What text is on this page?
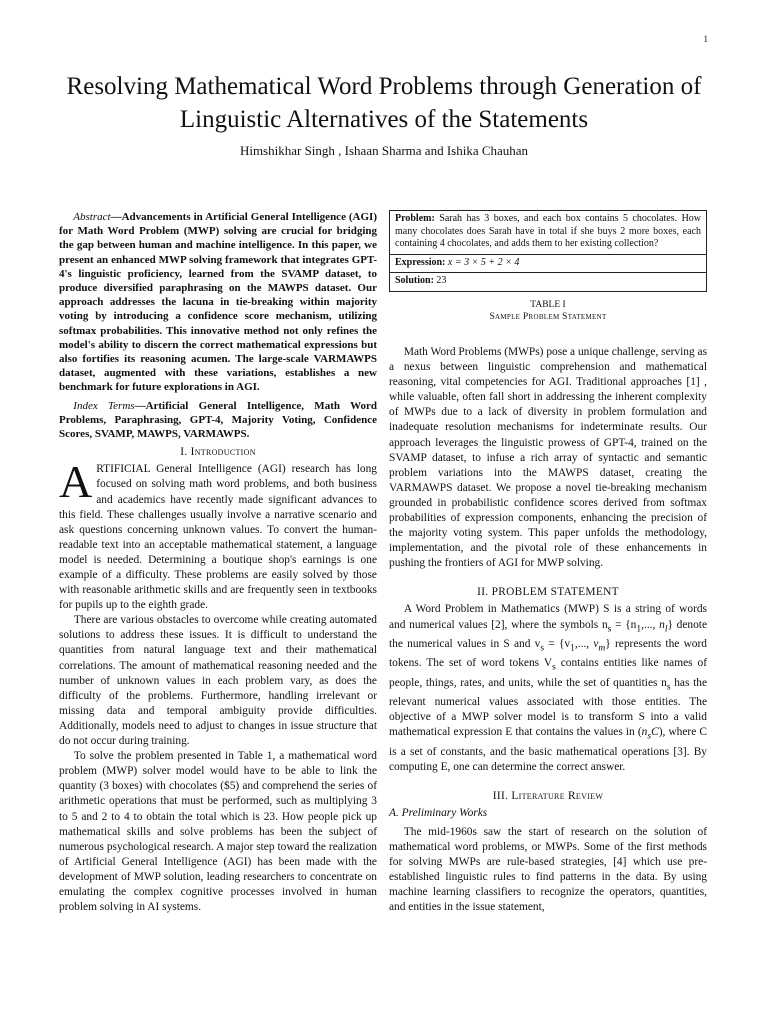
1
Resolving Mathematical Word Problems through Generation of Linguistic Alternatives of the Statements
Himshikhar Singh , Ishaan Sharma and Ishika Chauhan

Abstract—Advancements in Artificial General Intelligence (AGI) for Math Word Problem (MWP) solving are crucial for bridging the gap between human and machine intelligence. In this paper, we present an enhanced MWP solving framework that integrates GPT-4's linguistic proficiency, learned from the SVAMP dataset, to produce diversified paraphrasing on the MAWPS dataset. Our approach addresses the lacuna in tie-breaking within majority voting by introducing a confidence score mechanism, utilizing softmax probabilities. This innovative method not only refines the model's ability to discern the correct mathematical expressions but also fortifies its reasoning acumen. The large-scale VARMAWPS dataset, augmented with these variations, establishes a new benchmark for future explorations in AGI.

Index Terms—Artificial General Intelligence, Math Word Problems, Paraphrasing, GPT-4, Majority Voting, Confidence Scores, SVAMP, MAWPS, VARMAWPS.

I. Introduction

ARTIFICIAL General Intelligence (AGI) research has long focused on solving math word problems, and both business and academics have recently made significant advances to this field. These challenges usually involve a narrative scenario and ask questions concerning unknown values. To convert the human-readable text into an acceptable mathematical statement, a language model is needed. Determining a boutique shop's earnings is one example of a difficulty. These problems are easily solved by those with reasonable arithmetic skills and are frequently seen in textbooks for pupils up to the eighth grade.

There are various obstacles to overcome while creating automated solutions to address these issues. It is difficult to understand the quantities from natural language text and their mathematical correlations. The amount of mathematical reasoning needed and the number of unknown values in each problem vary, as does the difficulty of the problems. Furthermore, handling irrelevant or missing data and temporal ambiguity provide difficulties. Additionally, models need to adjust to changes in issue structure that do not occur during training.

To solve the problem presented in Table 1, a mathematical word problem (MWP) solver model would have to be able to link the quantity (3 boxes) with chocolates ($5) and comprehend the series of arithmetic operations that must be performed, such as multiplying 3 to 5 and 2 to 4 to obtain the total which is 23. How people pick up mathematical skills and solve problems has been the subject of numerous psychological research. A major step toward the realization of Artificial General Intelligence (AGI) has been made with the development of MWP solution, leading researchers to concentrate on emulating the complex cognitive processes involved in human problem solving in AI systems.

Problem: Sarah has 3 boxes, and each box contains 5 chocolates. How many chocolates does Sarah have in total if she buys 2 more boxes, each containing 4 chocolates, and adds them to her existing collection?
Expression: x = 3 × 5 + 2 × 4
Solution: 23
TABLE I
Sample Problem Statement

Math Word Problems (MWPs) pose a unique challenge, serving as a nexus between linguistic comprehension and mathematical reasoning, vital competencies for AGI. Traditional approaches [1] , while valuable, often fall short in addressing the inherent complexity of MWPs due to a lack of diversity in problem formulation and inadequate resolution mechanisms for indeterminate results. Our approach leverages the linguistic prowess of GPT-4, trained on the SVAMP dataset, to infuse a rich array of syntactic and semantic problem variations into the MAWPS dataset, creating the VARMAWPS dataset. We propose a novel tie-breaking mechanism grounded in probabilistic confidence scores derived from softmax probabilities of expression components, enhancing the precision of the majority voting system. This paper unfolds the methodology, implementation, and the pivotal role of these enhancements in pushing the frontiers of AGI for MWP solving.

II. PROBLEM STATEMENT

A Word Problem in Mathematics (MWP) S is a string of words and numerical values [2], where the symbols $n_s = \{n_1$,..., $n_l$} denote the numerical values in S and $v_s = \{v_1$,..., $v_m$} represents the word tokens. The set of word tokens $V_s$ contains entities like names of people, things, rates, and units, while the set of quantities $n_s$ has the relevant numerical values associated with those entities. The objective of a MWP solver model is to transform S into a valid mathematical expression E that contains the values in $(n_sC)$, where C is a set of constants, and the basic mathematical operations [3]. By computing E, one can determine the correct answer.

III. Literature Review
A. Preliminary Works

The mid-1960s saw the start of research on the solution of mathematical word problems, or MWPs. Some of the first methods for solving MWPs are rule-based strategies, [4] which use pre-established linguistic rules to find patterns in the data. By using machine learning classifiers to recognize the operators, quantities, and entities in the issue statement,
